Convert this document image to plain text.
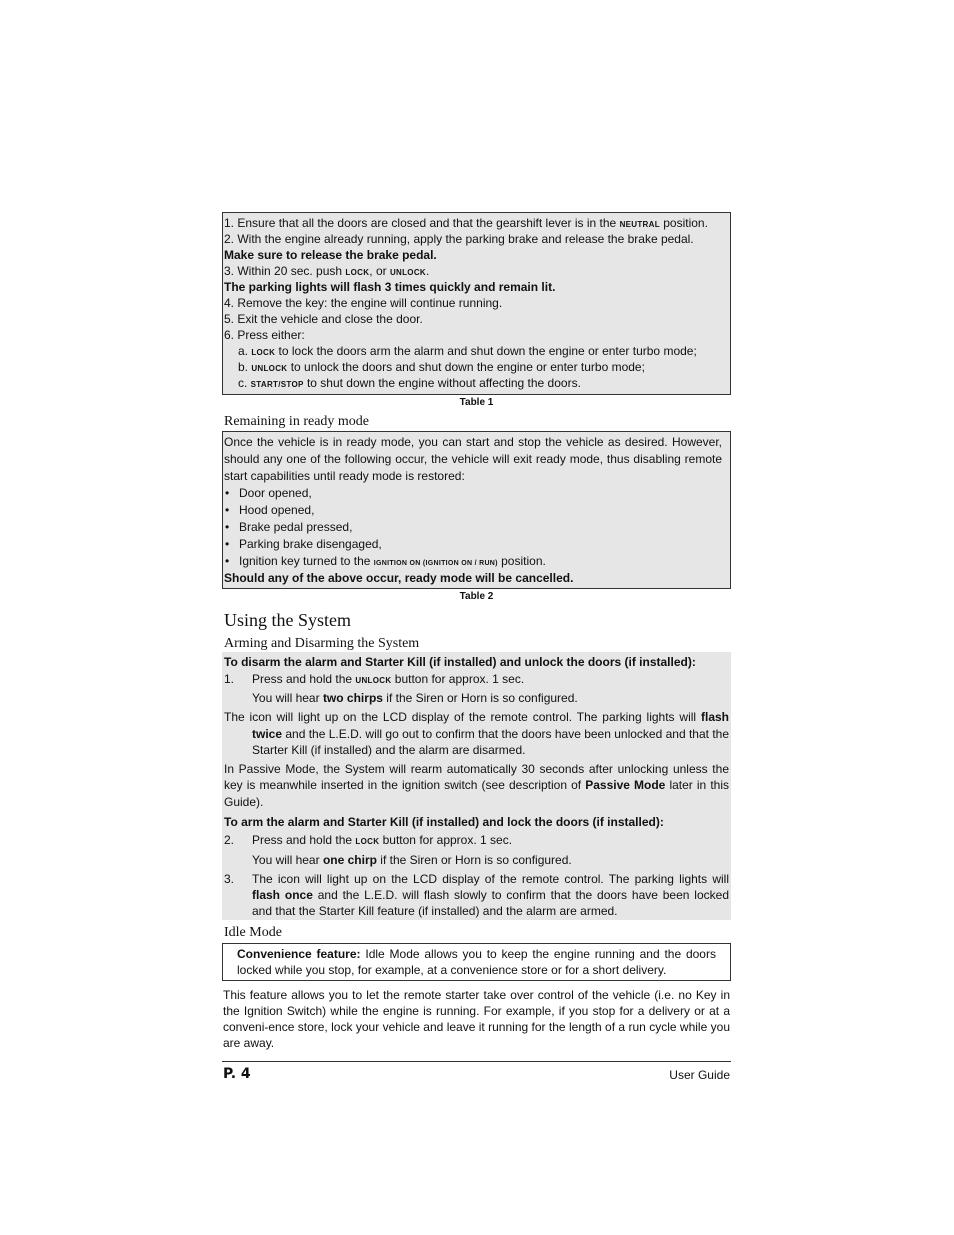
1. Ensure that all the doors are closed and that the gearshift lever is in the NEUTRAL position.
2. With the engine already running, apply the parking brake and release the brake pedal.
Make sure to release the brake pedal.
3. Within 20 sec. push LOCK, or UNLOCK.
The parking lights will flash 3 times quickly and remain lit.
4. Remove the key: the engine will continue running.
5. Exit the vehicle and close the door.
6. Press either:
a. LOCK to lock the doors arm the alarm and shut down the engine or enter turbo mode;
b. UNLOCK to unlock the doors and shut down the engine or enter turbo mode;
c. START/STOP to shut down the engine without affecting the doors.
Table 1
Remaining in ready mode
Once the vehicle is in ready mode, you can start and stop the vehicle as desired. However, should any one of the following occur, the vehicle will exit ready mode, thus disabling remote start capabilities until ready mode is restored:
• Door opened,
• Hood opened,
• Brake pedal pressed,
• Parking brake disengaged,
• Ignition key turned to the IGNITION ON (IGNITION ON / RUN) position.
Should any of the above occur, ready mode will be cancelled.
Table 2
Using the System
Arming and Disarming the System
To disarm the alarm and Starter Kill (if installed) and unlock the doors (if installed):
1.	Press and hold the UNLOCK button for approx. 1 sec.
You will hear two chirps if the Siren or Horn is so configured.
The icon will light up on the LCD display of the remote control. The parking lights will flash twice and the L.E.D. will go out to confirm that the doors have been unlocked and that the Starter Kill (if installed) and the alarm are disarmed.
In Passive Mode, the System will rearm automatically 30 seconds after unlocking unless the key is meanwhile inserted in the ignition switch (see description of Passive Mode later in this Guide).
To arm the alarm and Starter Kill (if installed) and lock the doors (if installed):
2.	Press and hold the LOCK button for approx. 1 sec.
You will hear one chirp if the Siren or Horn is so configured.
3.	The icon will light up on the LCD display of the remote control. The parking lights will flash once and the L.E.D. will flash slowly to confirm that the doors have been locked and that the Starter Kill feature (if installed) and the alarm are armed.
Idle Mode
Convenience feature: Idle Mode allows you to keep the engine running and the doors locked while you stop, for example, at a convenience store or for a short delivery.
This feature allows you to let the remote starter take over control of the vehicle (i.e. no Key in the Ignition Switch) while the engine is running. For example, if you stop for a delivery or at a conveni-ence store, lock your vehicle and leave it running for the length of a run cycle while you are away.
P. 4	User Guide
